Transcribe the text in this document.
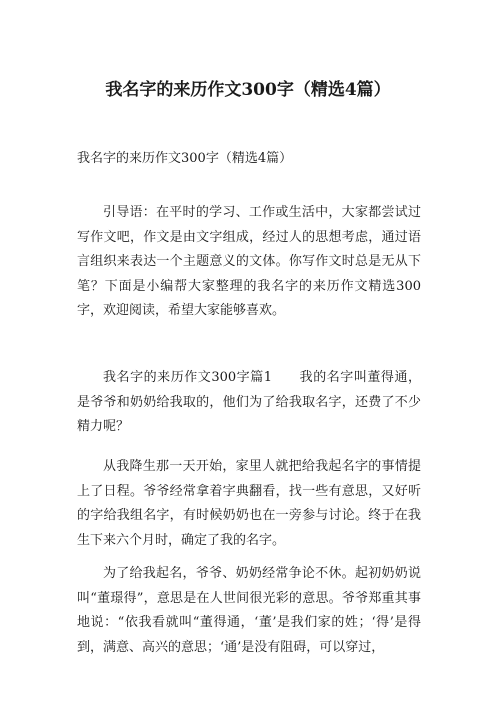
我名字的来历作文300字（精选4篇）
我名字的来历作文300字（精选4篇）

引导语：在平时的学习、工作或生活中，大家都尝试过写作文吧，作文是由文字组成，经过人的思想考虑，通过语言组织来表达一个主题意义的文体。你写作文时总是无从下笔？下面是小编帮大家整理的我名字的来历作文精选300字，欢迎阅读，希望大家能够喜欢。

我名字的来历作文300字篇1　　我的名字叫董得通，是爷爷和奶奶给我取的，他们为了给我取名字，还费了不少精力呢？

从我降生那一天开始，家里人就把给我起名字的事情提上了日程。爷爷经常拿着字典翻看，找一些有意思，又好听的字给我组名字，有时候奶奶也在一旁参与讨论。终于在我生下来六个月时，确定了我的名字。

为了给我起名，爷爷、奶奶经常争论不休。起初奶奶说叫“董璟得”，意思是在人世间很光彩的意思。爷爷郑重其事地说：“依我看就叫“董得通，‘董’是我们家的姓；‘得’是得到，满意、高兴的意思；‘通’是没有阻碍，可以穿过，
